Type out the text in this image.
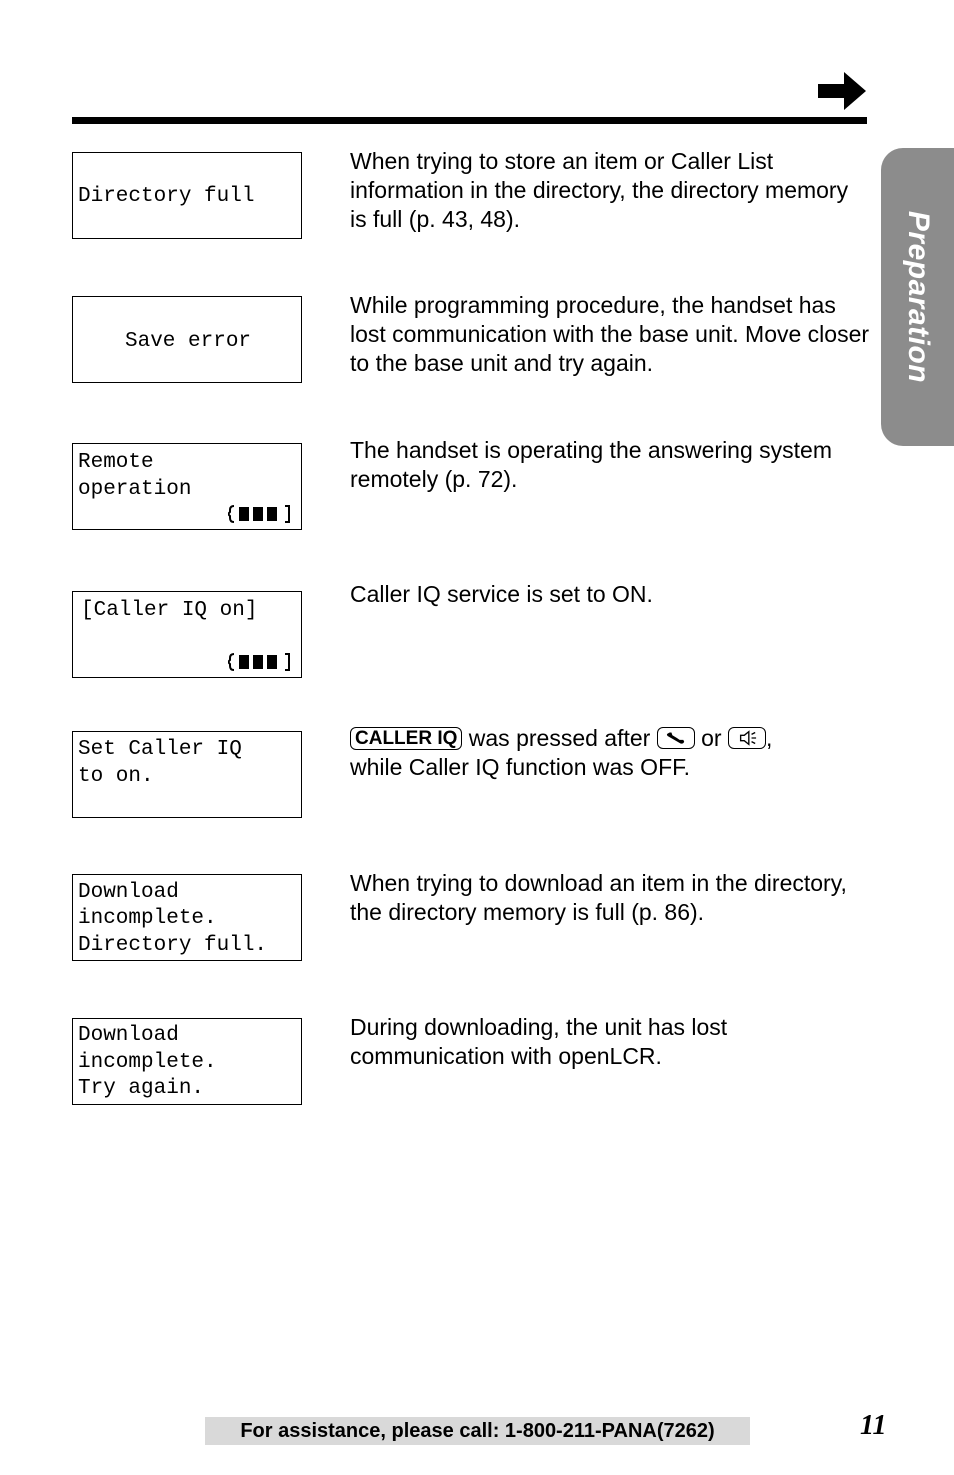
Preparation
Directory full
When trying to store an item or Caller List information in the directory, the directory memory is full (p. 43, 48).
Save error
While programming procedure, the handset has lost communication with the base unit. Move closer to the base unit and try again.
Remote
operation
The handset is operating the answering system remotely (p. 72).
[Caller IQ on]
Caller IQ service is set to ON.
Set Caller IQ
to on.
CALLER IQ was pressed after or ,
while Caller IQ function was OFF.
Download
incomplete.
Directory full.
When trying to download an item in the directory, the directory memory is full (p. 86).
Download
incomplete.
Try again.
During downloading, the unit has lost communication with openLCR.
For assistance, please call: 1-800-211-PANA(7262)	11
